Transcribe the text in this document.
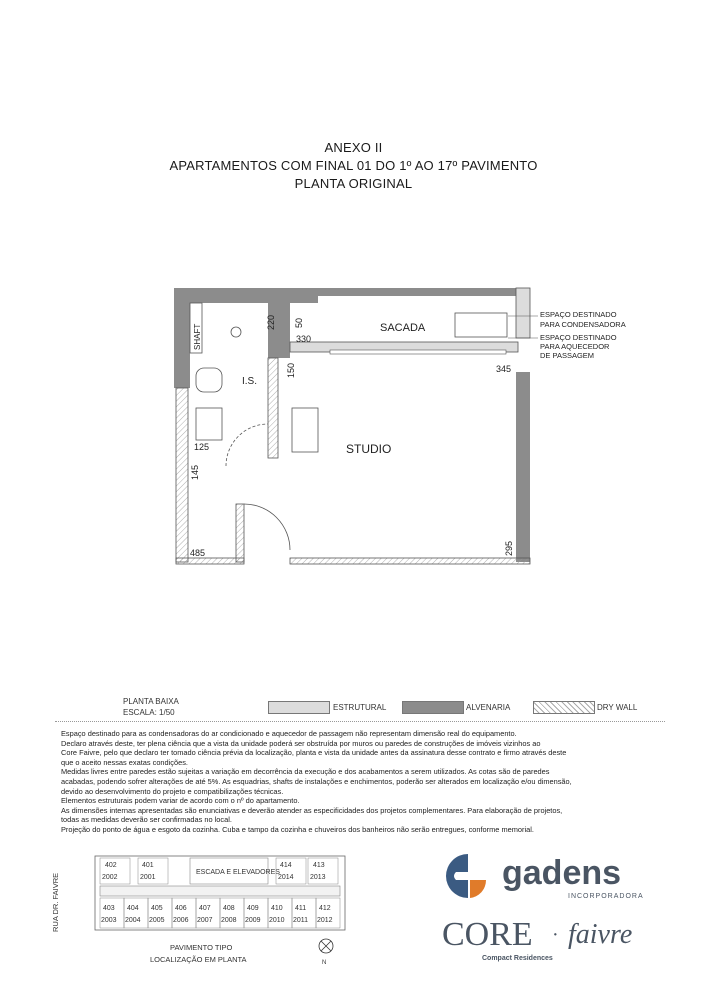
ANEXO II
APARTAMENTOS COM FINAL 01 DO 1º AO 17º PAVIMENTO
PLANTA ORIGINAL
SACADA
STUDIO
I.S.
SHAFT
220 50
330
150	345
125
145
485	295
ESPAÇO DESTINADO
PARA CONDENSADORA
ESPAÇO DESTINADO
PARA AQUECEDOR
DE PASSAGEM
PLANTA BAIXA
ESCALA: 1/50
ESTRUTURAL	ALVENARIA	DRY WALL

Espaço destinado para as condensadoras do ar condicionado e aquecedor de passagem não representam dimensão real do equipamento.

Declaro através deste, ter plena ciência que a vista da unidade poderá ser obstruída por muros ou paredes de construções de imóveis vizinhos ao

Core Faivre, pelo que declaro ter tomado ciência prévia da localização, planta e vista da unidade antes da assinatura desse contrato e firmo através deste

que o aceito nessas exatas condições.

Medidas livres entre paredes estão sujeitas a variação em decorrência da execução e dos acabamentos a serem utilizados. As cotas são de paredes

acabadas, podendo sofrer alterações de até 5%. As esquadrias, shafts de instalações e enchimentos, poderão ser alterados em localização e/ou dimensão,

devido ao desenvolvimento do projeto e compatibilizações técnicas.

Elementos estruturais podem variar de acordo com o nº do apartamento.

As dimensões internas apresentadas são enunciativas e deverão atender as especificidades dos projetos complementares. Para elaboração de projetos,

todas as medidas deverão ser confirmadas no local.

Projeção do ponto de água e esgoto da cozinha. Cuba e tampo da cozinha e chuveiros dos banheiros não serão entregues, conforme memorial.

RUA DR. FAIVRE
ESCADA E ELEVADORES
402
2002
401
2001
414
2014
413
2013
403
2003
404
2004
405
2005
406
2006
407
2007
408
2008
409
2009
410
2010
411
2011
412
2012
PAVIMENTO TIPO
LOCALIZAÇÃO EM PLANTA	N
gadens
INCORPORADORA
CORE · faivre
Compact Residences
